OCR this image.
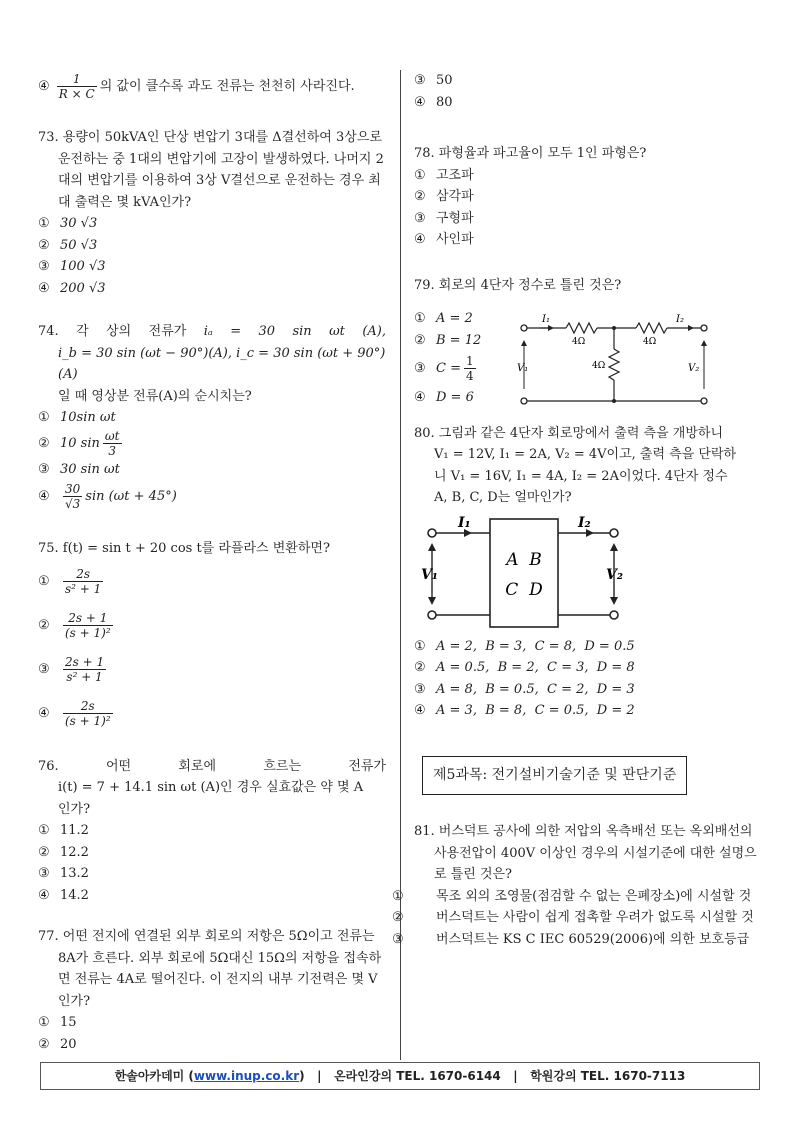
④ $\frac{1}{R \times C}$ 의 값이 클수록 과도 전류는 천천히 사라진다.

73. 용량이 50kVA인 단상 변압기 3대를 Δ결선하여 3상으로 운전하는 중 1대의 변압기에 고장이 발생하였다. 나머지 2대의 변압기를 이용하여 3상 V결선으로 운전하는 경우 최대 출력은 몇 kVA인가?

① 30 √3
② 50 √3
③ 100 √3
④ 200 √3
74. 각 상의 전류가 iₐ = 30 sin ωt (A),
i_b = 30 sin (ωt − 90°)(A), i_c = 30 sin (ωt + 90°)(A)
일 때 영상분 전류(A)의 순시치는?
① 10sin ωt
② 10 $\sin \frac{\omega t}{3}$
③ 30 sin ωt
④ $\frac{30}{√3}$ sin (ωt + 45°)

75. f(t) = sin t + 20 cos t를 라플라스 변환하면?

① $\frac{2s}{\text{s² + 1}}$
② $\frac{2s + 1}{\text{(s + 1)²}}$
③ $\frac{2s + 1}{\text{s² + 1}}$
④ $\frac{2s}{\text{(s + 1)²}}$
76.	어떤	회로에	흐르는	전류가
i(t) = 7 + 14.1 sin ωt (A)인 경우 실효값은 약 몇 A
인가?
① 11.2
② 12.2
③ 13.2
④ 14.2

77. 어떤 전지에 연결된 외부 회로의 저항은 5Ω이고 전류는 8A가 흐른다. 외부 회로에 5Ω대신 15Ω의 저항을 접속하면 전류는 4A로 떨어진다. 이 전지의 내부 기전력은 몇 V인가?

① 15
② 20
③ 50
④ 80

78. 파형율과 파고율이 모두 1인 파형은?

① 고조파
② 삼각파
③ 구형파
④ 사인파

79. 회로의 4단자 정수로 틀린 것은?

① A = 2
② B = 12
③ $C = \frac{1}{4}$
④ D = 6
I₁	I₂
4Ω	4Ω
4Ω
V₁	V₂
80. 그림과 같은 4단자 회로망에서 출력 측을 개방하니
V₁ = 12V, I₁ = 2A, V₂ = 4V이고, 출력 측을 단락하
니 V₁ = 16V, I₁ = 4A, I₂ = 2A이었다. 4단자 정수
A, B, C, D는 얼마인가?
I₁	I₂
V₁	V₂
A  B
C  D
① A = 2,  B = 3,  C = 8,  D = 0.5
② A = 0.5,  B = 2,  C = 3,  D = 8
③ A = 8,  B = 0.5,  C = 2,  D = 3
④ A = 3,  B = 8,  C = 0.5,  D = 2
제5과목: 전기설비기술기준 및 판단기준

81. 버스덕트 공사에 의한 저압의 옥측배선 또는 옥외배선의 사용전압이 400V 이상인 경우의 시설기준에 대한 설명으로 틀린 것은?

① 목조 외의 조영물(점검할 수 없는 은폐장소)에 시설할 것
② 버스덕트는 사람이 쉽게 접촉할 우려가 없도록 시설할 것
③ 버스덕트는 KS C IEC 60529(2006)에 의한 보호등급
한솔아카데미 (www.inup.co.kr)   |   온라인강의 TEL. 1670-6144   |   학원강의 TEL. 1670-7113
